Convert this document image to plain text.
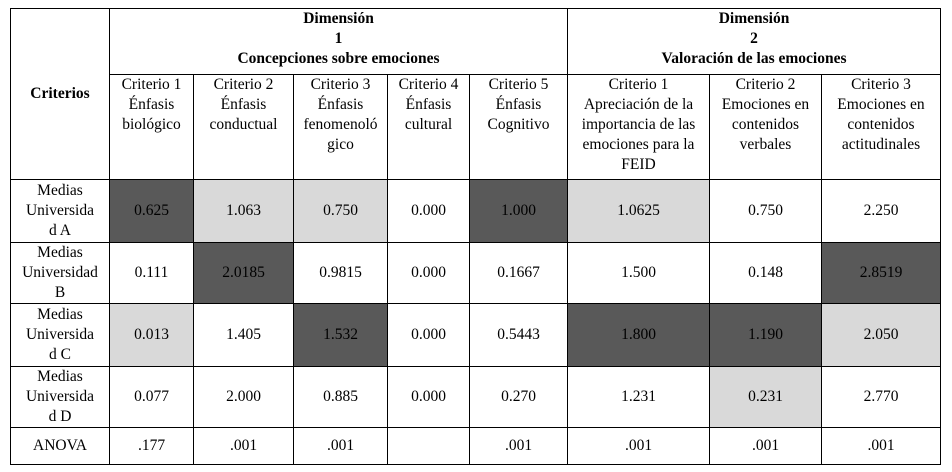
Criterios	Dimensión
1
Concepciones sobre emociones					Dimensión
2
Valoración de las emociones		

	Criterio 1
Énfasis
biológico	Criterio 2
Énfasis
conductual	Criterio 3
Énfasis
fenomenoló
gico	Criterio 4
Énfasis
cultural	Criterio 5
Énfasis
Cognitivo	Criterio 1
Apreciación de la
importancia de las
emociones para la
FEID	Criterio 2
Emociones en
contenidos
verbales	Criterio 3
Emociones en
contenidos
actitudinales

Medias
Universida
d A	0.625	1.063	0.750	0.000	1.000	1.0625	0.750	2.250

Medias
Universidad
B	0.111	2.0185	0.9815	0.000	0.1667	1.500	0.148	2.8519

Medias
Universida
d C	0.013	1.405	1.532	0.000	0.5443	1.800	1.190	2.050

Medias
Universida
d D	0.077	2.000	0.885	0.000	0.270	1.231	0.231	2.770

ANOVA	.177	.001	.001		.001	.001	.001	.001
